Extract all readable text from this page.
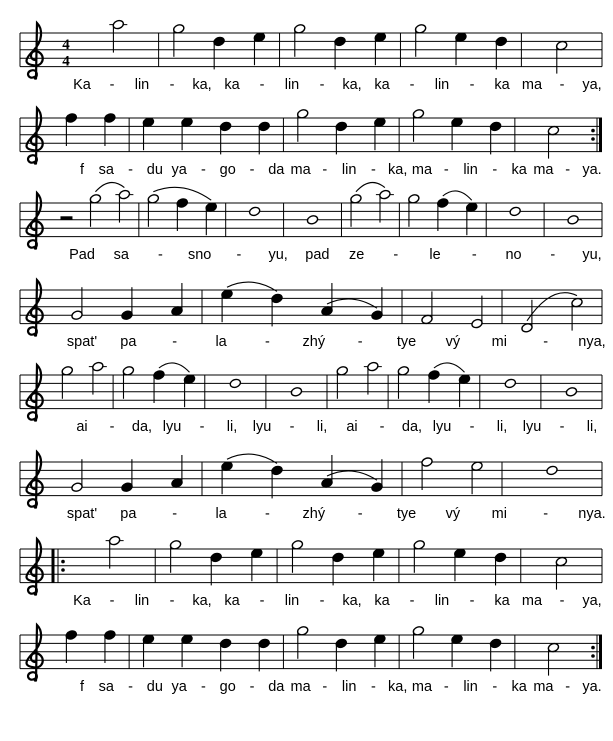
4
4
Ka - lin - ka, ka - lin - ka, ka - lin - ka ma - ya,
f sa - du ya - go - da ma - lin - ka, ma - lin - ka ma - ya.
Pad sa - sno - yu, pad ze - le - no - yu,
spat' pa -	la	- zhý - tye vý mi	- nya,
ai - da, lyu - li, lyu - li, ai - da, lyu - li, lyu - li,
spat' pa -	la	- zhý - tye vý mi	- nya.
Ka - lin - ka, ka - lin - ka, ka - lin - ka ma - ya,
f sa - du ya - go - da ma - lin - ka, ma - lin - ka ma - ya.
